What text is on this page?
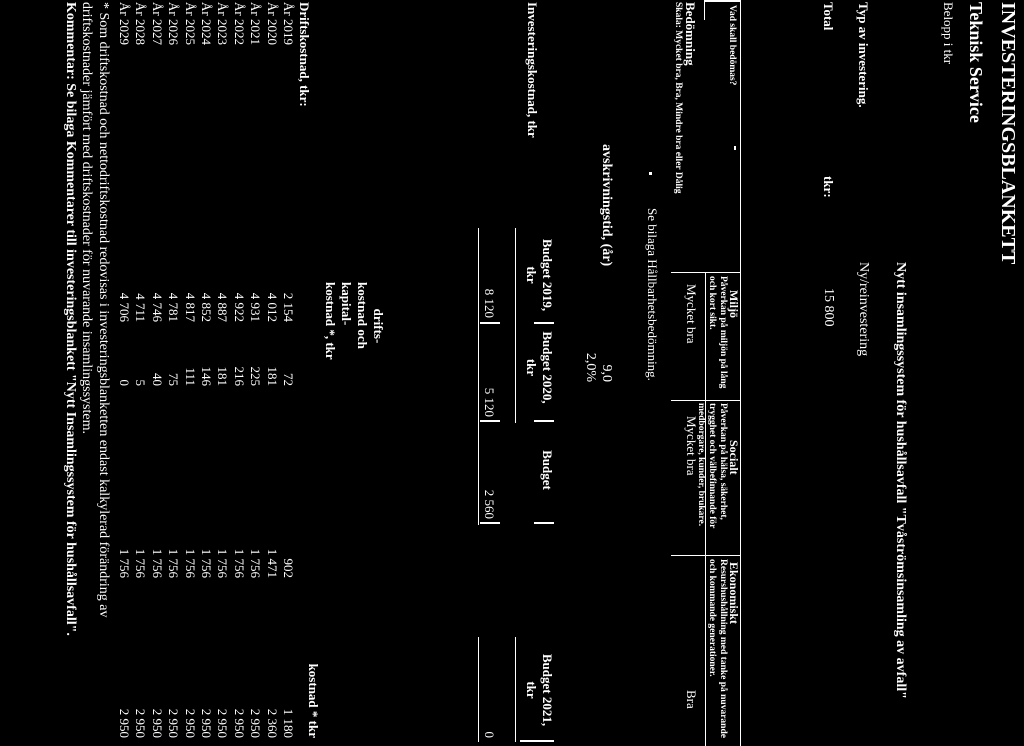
INVESTERINGSBLANKETT
Teknisk Service
Belopp i tkr
Nytt insamlingssystem för hushållsavfall "Tvåströmsinsamling av avfall"
Typ av investering.
Ny/reinvestering
Total
tkr:
15 800
Bedömning
Skala: Mycket bra, Bra, Mindre bra eller Dålig	Vad skall bedömas?
Miljö
Påverkan på miljön på lång och kort sikt.
Mycket bra
Socialt
Påverkan på hälsa, säkerhet, trygghet och välbefinnande för medborgare, kunder, brukare.
Mycket bra
Ekonomiskt
Resurshushållning med tanke på nuvarande och kommande generationer.
Bra
Se bilaga Hållbarhetsbedömning.
avskrivningstid, (år)
9,0
2,0%
Investeringskostnad, tkr
Budget 2019,
tkr
Budget 2020,
tkr
Budget
Budget 2021,
tkr
8 120
5 120
2 560
0
drifts-
Driftskostnad, tkr:
kostnad och
kapital-
kostnad *, tkr
kostnad * tkr
År 2019
2 154
72
902
1 180
År 2020
4 012
181
1 471
2 360
År 2021
4 931
225
1 756
2 950
År 2022
4 922
216
1 756
2 950
År 2023
4 887
181
1 756
2 950
År 2024
4 852
146
1 756
2 950
År 2025
4 817
111
1 756
2 950
År 2026
4 781
75
1 756
2 950
År 2027
4 746
40
1 756
2 950
År 2028
4 711
5
1 756
2 950
År 2029
4 706
0
1 756
2 950
* Som driftskostnad och nettodriftskostnad redovisas i investeringsblanketten endast kalkylerad förändring av
driftskostnader jämfört med driftskostnader för nuvarande insamlingssystem.
Kommentar: Se bilaga Kommentarer till investeringsblankett "Nytt Insamlingssystem för hushållsavfall".
